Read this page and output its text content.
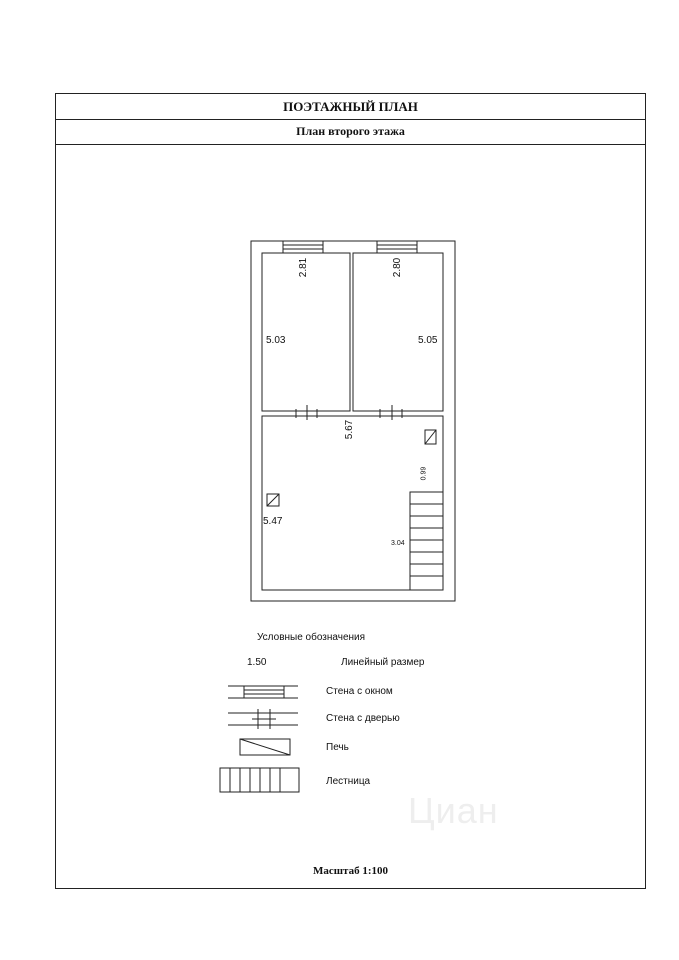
ПОЭТАЖНЫЙ ПЛАН
План второго этажа
Масштаб 1:100
2.81	2.80
5.03	5.05
5.67
5.47
0.99
3.04
Условные обозначения
1.50	Линейный размер
Стена с окном
Стена с дверью
Печь
Лестница
Циан
